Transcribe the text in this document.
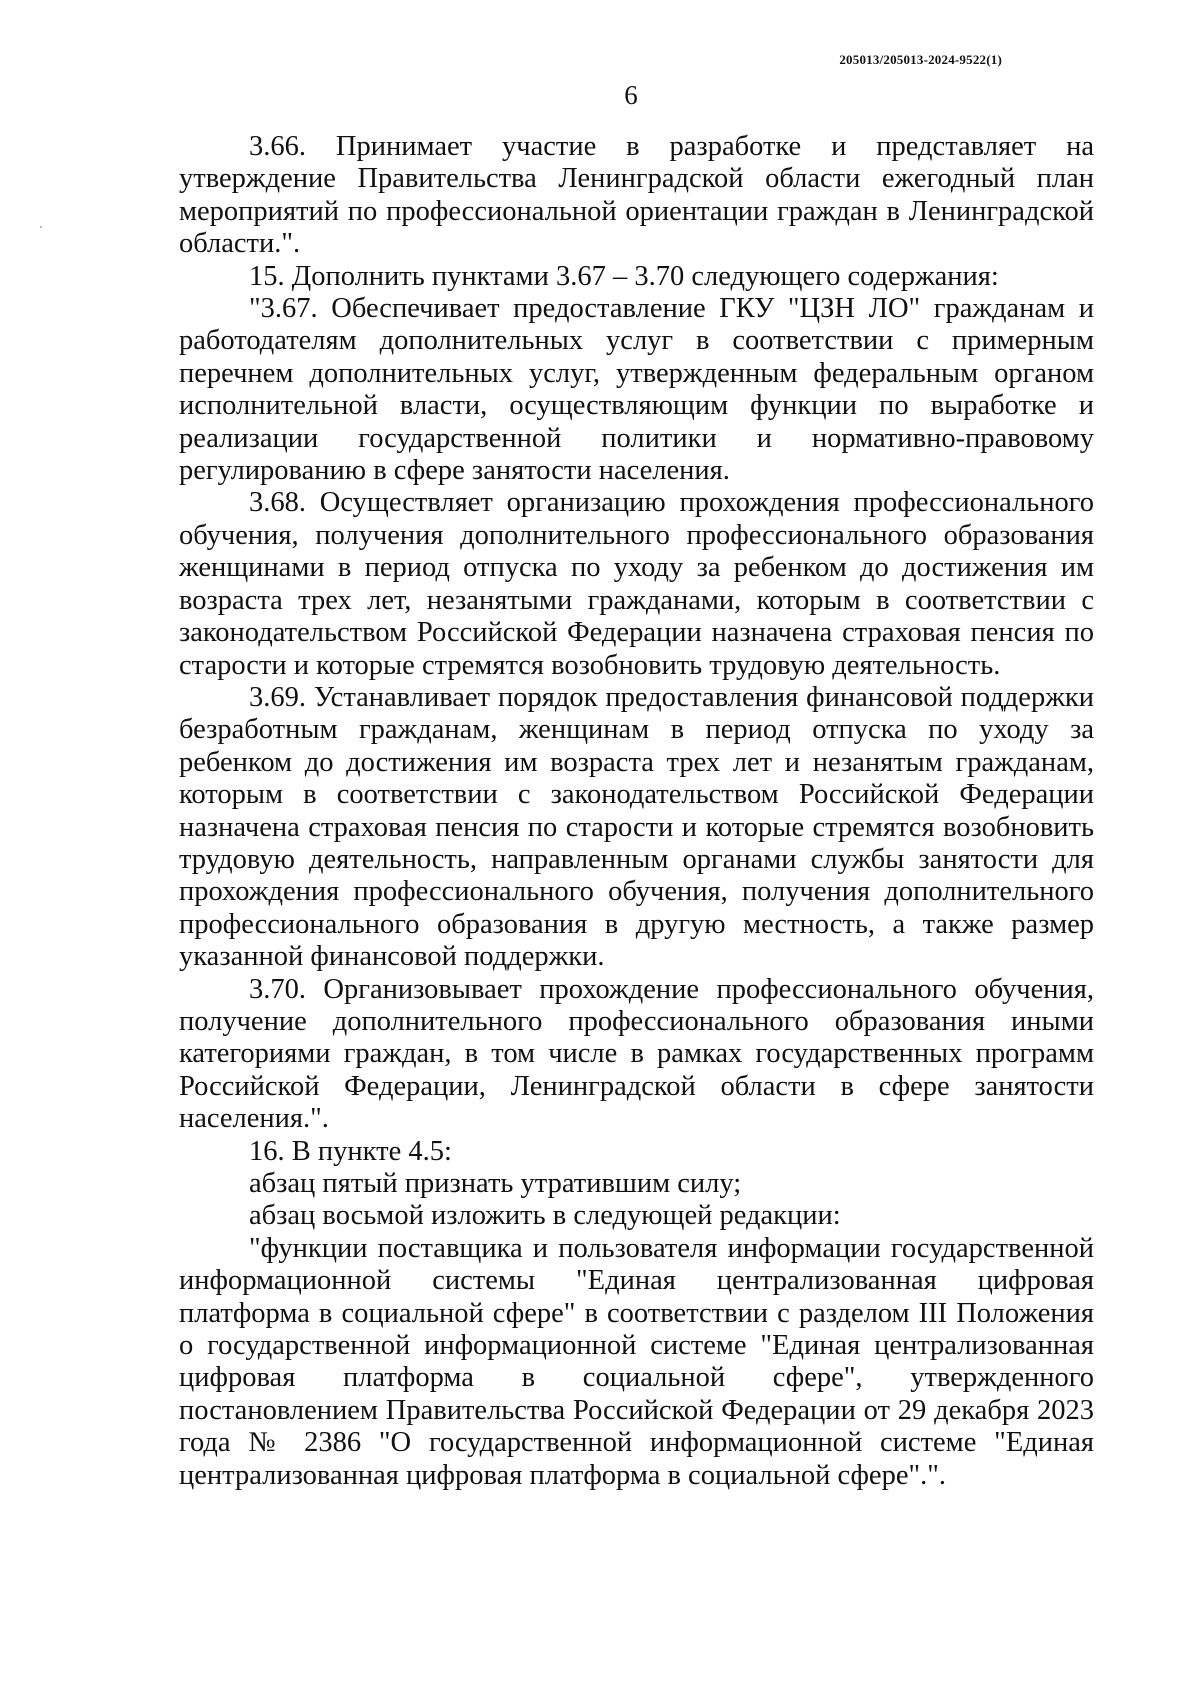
205013/205013-2024-9522(1)
6

3.66. Принимает участие в разработке и представляет на утверждение Правительства Ленинградской области ежегодный план мероприятий по профессиональной ориентации граждан в Ленинградской области.".

15. Дополнить пунктами 3.67 – 3.70 следующего содержания:

"3.67. Обеспечивает предоставление ГКУ "ЦЗН ЛО" гражданам и работодателям дополнительных услуг в соответствии с примерным перечнем дополнительных услуг, утвержденным федеральным органом исполнительной власти, осуществляющим функции по выработке и реализации государственной политики и нормативно-правовому регулированию в сфере занятости населения.

3.68. Осуществляет организацию прохождения профессионального обучения, получения дополнительного профессионального образования женщинами в период отпуска по уходу за ребенком до достижения им возраста трех лет, незанятыми гражданами, которым в соответствии с законодательством Российской Федерации назначена страховая пенсия по старости и которые стремятся возобновить трудовую деятельность.

3.69. Устанавливает порядок предоставления финансовой поддержки безработным гражданам, женщинам в период отпуска по уходу за ребенком до достижения им возраста трех лет и незанятым гражданам, которым в соответствии с законодательством Российской Федерации назначена страховая пенсия по старости и которые стремятся возобновить трудовую деятельность, направленным органами службы занятости для прохождения профессионального обучения, получения дополнительного профессионального образования в другую местность, а также размер указанной финансовой поддержки.

3.70. Организовывает прохождение профессионального обучения, получение дополнительного профессионального образования иными категориями граждан, в том числе в рамках государственных программ Российской Федерации, Ленинградской области в сфере занятости населения.".

16. В пункте 4.5:

абзац пятый признать утратившим силу;

абзац восьмой изложить в следующей редакции:

"функции поставщика и пользователя информации государственной информационной системы "Единая централизованная цифровая платформа в социальной сфере" в соответствии с разделом III Положения о государственной информационной системе "Единая централизованная цифровая платформа в социальной сфере", утвержденного постановлением Правительства Российской Федерации от 29 декабря 2023 года № 2386 "О государственной информационной системе "Единая централизованная цифровая платформа в социальной сфере".".
